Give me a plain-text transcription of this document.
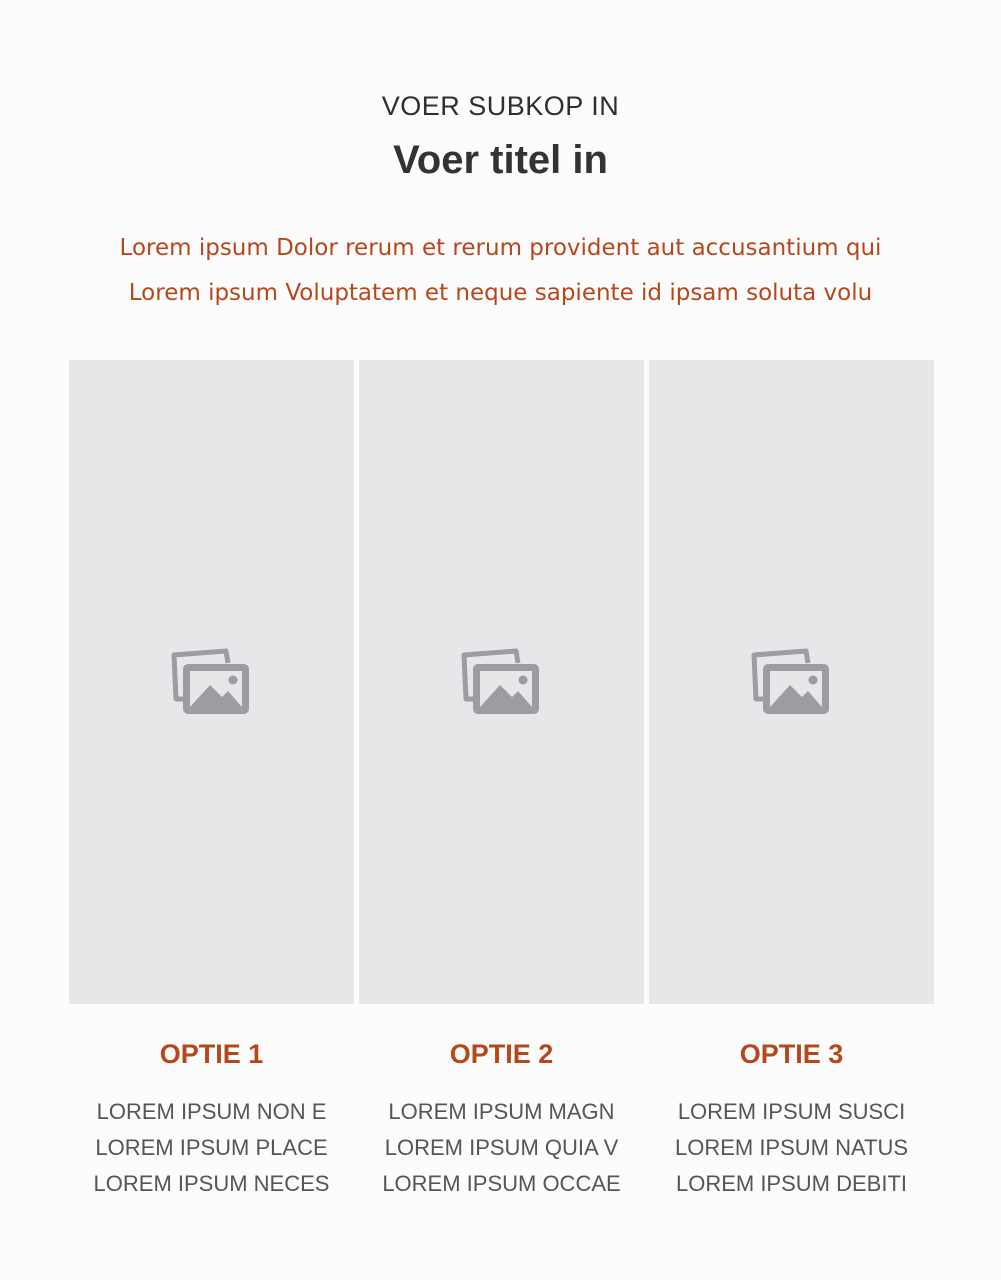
VOER SUBKOP IN
Voer titel in
Lorem ipsum Dolor rerum et rerum provident aut accusantium qui
Lorem ipsum Voluptatem et neque sapiente id ipsam soluta volu
OPTIE 1
LOREM IPSUM NON E
LOREM IPSUM PLACE
LOREM IPSUM NECES
OPTIE 2
LOREM IPSUM MAGN
LOREM IPSUM QUIA V
LOREM IPSUM OCCAE
OPTIE 3
LOREM IPSUM SUSCI
LOREM IPSUM NATUS
LOREM IPSUM DEBITI
